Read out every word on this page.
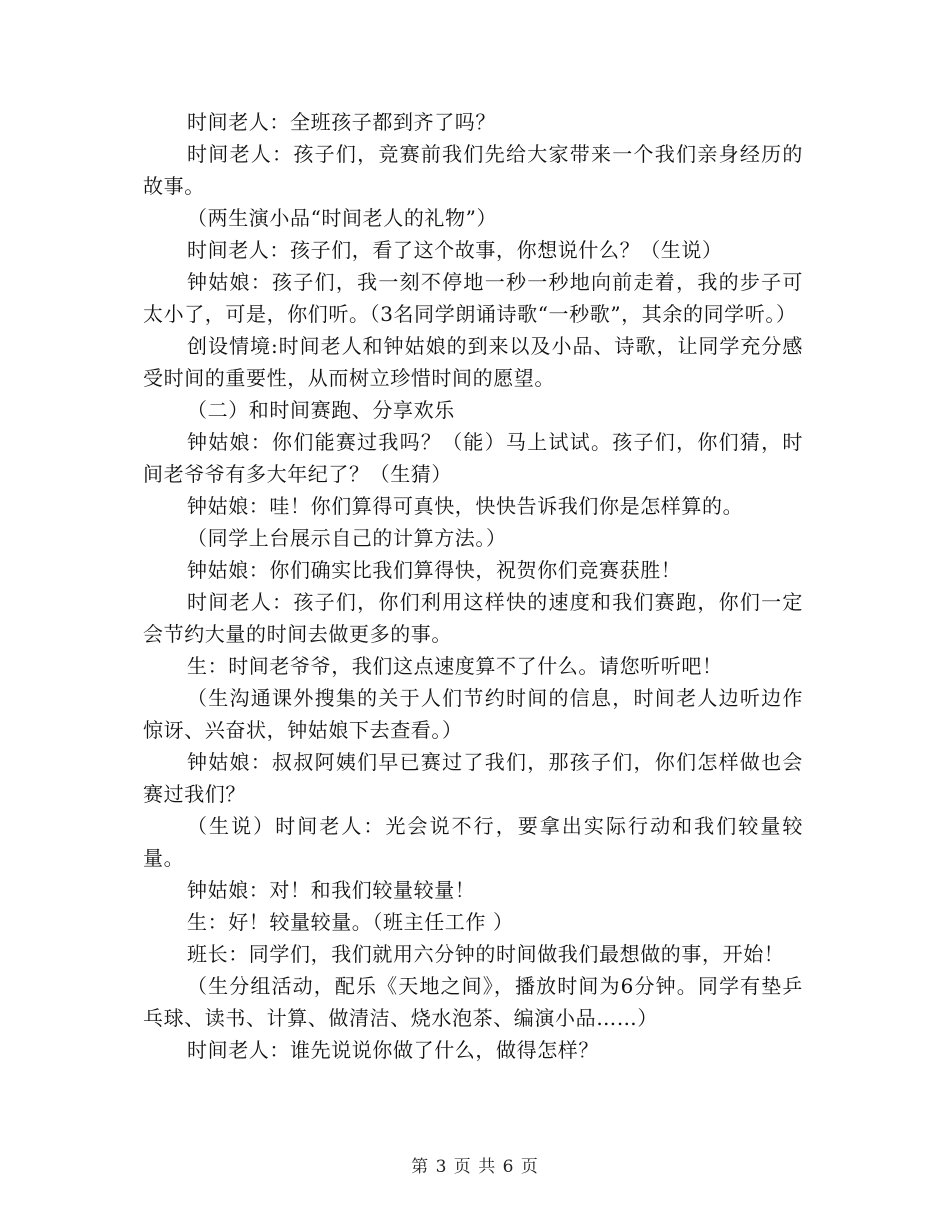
时间老人：全班孩子都到齐了吗？

时间老人：孩子们，竞赛前我们先给大家带来一个我们亲身经历的故事。

（两生演小品“时间老人的礼物”）

时间老人：孩子们，看了这个故事，你想说什么？（生说）

钟姑娘：孩子们，我一刻不停地一秒一秒地向前走着，我的步子可太小了，可是，你们听。（3名同学朗诵诗歌“一秒歌”，其余的同学听。）

创设情境:时间老人和钟姑娘的到来以及小品、诗歌，让同学充分感受时间的重要性，从而树立珍惜时间的愿望。

（二）和时间赛跑、分享欢乐

钟姑娘：你们能赛过我吗？（能）马上试试。孩子们，你们猜，时间老爷爷有多大年纪了？（生猜）

钟姑娘：哇！你们算得可真快，快快告诉我们你是怎样算的。

（同学上台展示自己的计算方法。）

钟姑娘：你们确实比我们算得快，祝贺你们竞赛获胜！

时间老人：孩子们，你们利用这样快的速度和我们赛跑，你们一定会节约大量的时间去做更多的事。

生：时间老爷爷，我们这点速度算不了什么。请您听听吧！

（生沟通课外搜集的关于人们节约时间的信息，时间老人边听边作惊讶、兴奋状，钟姑娘下去查看。）

钟姑娘：叔叔阿姨们早已赛过了我们，那孩子们，你们怎样做也会赛过我们？

（生说）时间老人：光会说不行，要拿出实际行动和我们较量较量。

钟姑娘：对！和我们较量较量！

生：好！较量较量。（班主任工作 ）

班长：同学们，我们就用六分钟的时间做我们最想做的事，开始！

（生分组活动，配乐《天地之间》，播放时间为6分钟。同学有垫乒乓球、读书、计算、做清洁、烧水泡茶、编演小品……）

时间老人：谁先说说你做了什么，做得怎样？

第 3 页 共 6 页
